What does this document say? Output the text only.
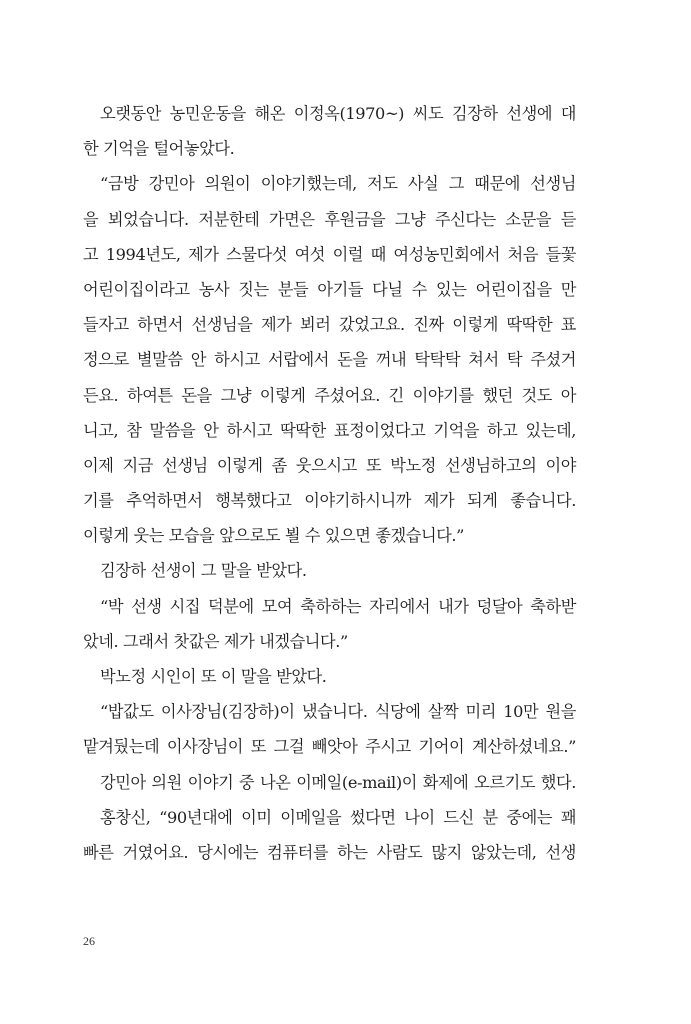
오랫동안 농민운동을 해온 이정옥(1970~) 씨도 김장하 선생에 대
한 기억을 털어놓았다.
“금방 강민아 의원이 이야기했는데, 저도 사실 그 때문에 선생님
을 뵈었습니다. 저분한테 가면은 후원금을 그냥 주신다는 소문을 듣
고 1994년도, 제가 스물다섯 여섯 이럴 때 여성농민회에서 처음 들꽃
어린이집이라고 농사 짓는 분들 아기들 다닐 수 있는 어린이집을 만
들자고 하면서 선생님을 제가 뵈러 갔었고요. 진짜 이렇게 딱딱한 표
정으로 별말씀 안 하시고 서랍에서 돈을 꺼내 탁탁탁 쳐서 탁 주셨거
든요. 하여튼 돈을 그냥 이렇게 주셨어요. 긴 이야기를 했던 것도 아
니고, 참 말씀을 안 하시고 딱딱한 표정이었다고 기억을 하고 있는데,
이제 지금 선생님 이렇게 좀 웃으시고 또 박노정 선생님하고의 이야
기를 추억하면서 행복했다고 이야기하시니까 제가 되게 좋습니다.
이렇게 웃는 모습을 앞으로도 뵐 수 있으면 좋겠습니다.”
김장하 선생이 그 말을 받았다.
“박 선생 시집 덕분에 모여 축하하는 자리에서 내가 덩달아 축하받
았네. 그래서 찻값은 제가 내겠습니다.”
박노정 시인이 또 이 말을 받았다.
“밥값도 이사장님(김장하)이 냈습니다. 식당에 살짝 미리 10만 원을
맡겨뒀는데 이사장님이 또 그걸 빼앗아 주시고 기어이 계산하셨네요.”
강민아 의원 이야기 중 나온 이메일(e-mail)이 화제에 오르기도 했다.
홍창신, “90년대에 이미 이메일을 썼다면 나이 드신 분 중에는 꽤
빠른 거였어요. 당시에는 컴퓨터를 하는 사람도 많지 않았는데, 선생
26
